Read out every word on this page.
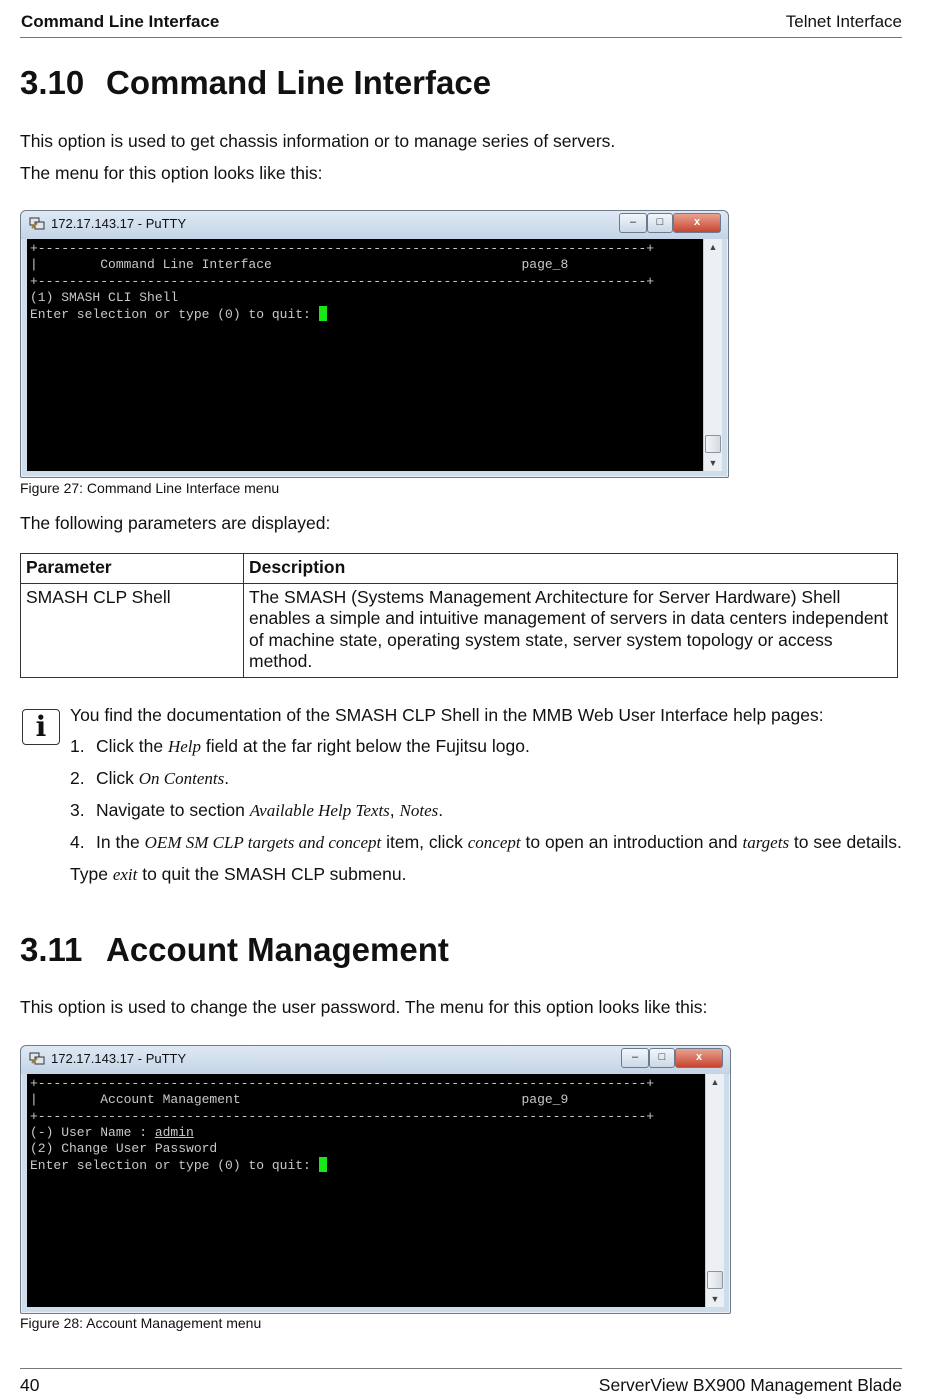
Command Line Interface	Telnet Interface
3.10 Command Line Interface

This option is used to get chassis information or to manage series of servers.

The menu for this option looks like this:

172.17.143.17 - PuTTY	–	□	x
+------------------------------------------------------------------------------+
|        Command Line Interface                                page_8
+------------------------------------------------------------------------------+
(1) SMASH CLI Shell
Enter selection or type (0) to quit:
▲
▼
Figure 27: Command Line Interface menu

The following parameters are displayed:

Parameter	Description
SMASH CLP Shell	The SMASH (Systems Management Architecture for Server Hardware) Shell enables a simple and intuitive management of servers in data centers independent of machine state, operating system state, server system topology or access method.
i	You find the documentation of the SMASH CLP Shell in the MMB Web User Interface help pages:
1. Click the Help field at the far right below the Fujitsu logo.
2. Click On Contents.
3. Navigate to section Available Help Texts, Notes.
4. In the OEM SM CLP targets and concept item, click concept to open an introduction and targets to see details.
Type exit to quit the SMASH CLP submenu.
3.11 Account Management

This option is used to change the user password. The menu for this option looks like this:

172.17.143.17 - PuTTY	–	□	x
+------------------------------------------------------------------------------+
|        Account Management                                    page_9
+------------------------------------------------------------------------------+
(-) User Name : admin
(2) Change User Password
Enter selection or type (0) to quit:
▲
▼
Figure 28: Account Management menu
40	ServerView BX900 Management Blade
